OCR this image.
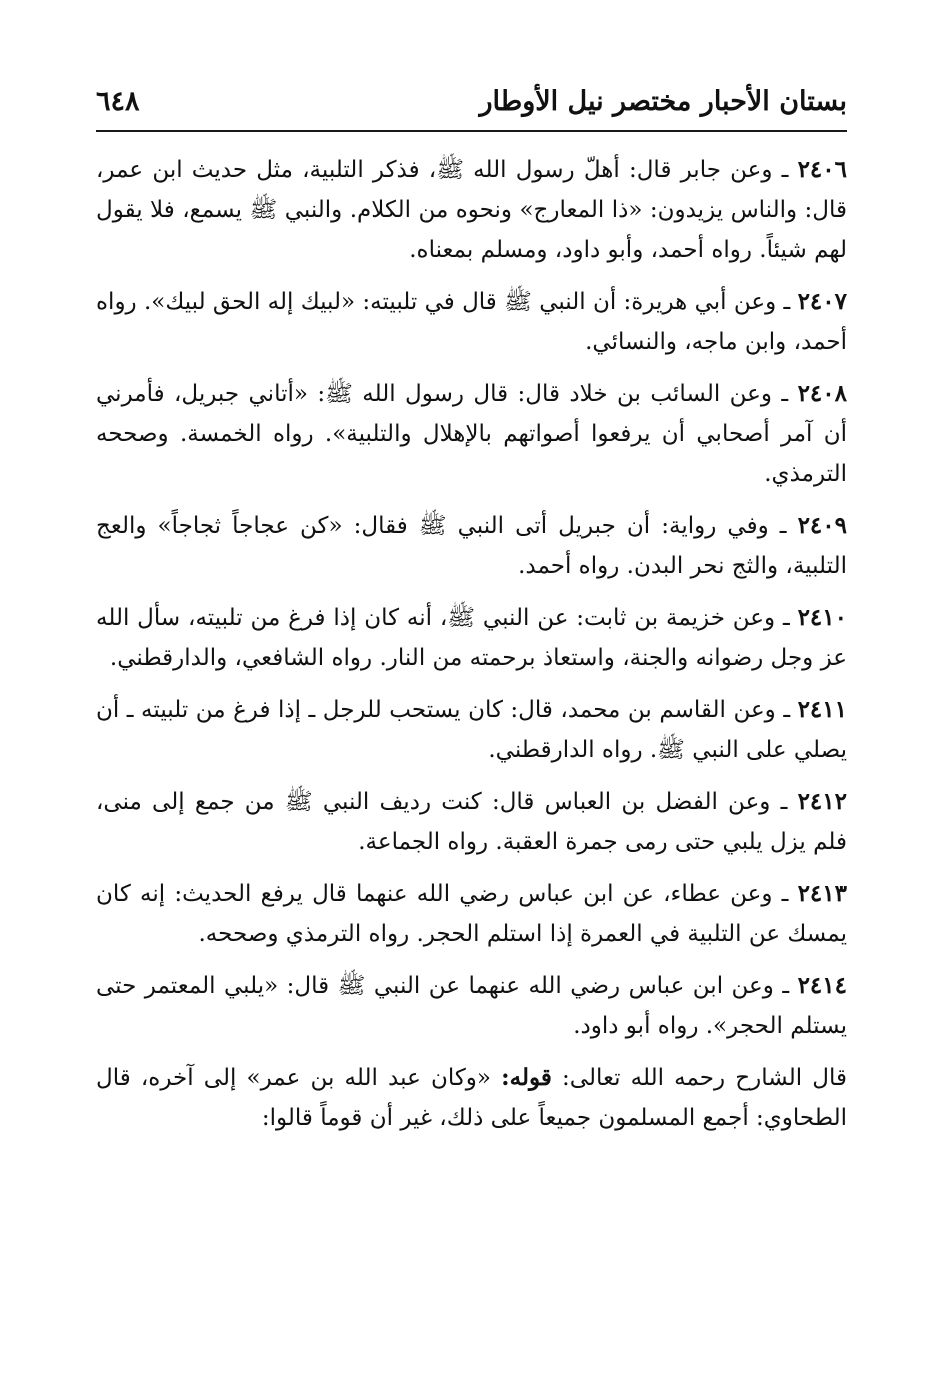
بستان الأحبار مختصر نيل الأوطار
٦٤٨

٢٤٠٦ ـ وعن جابر قال: أهلّ رسول الله ﷺ، فذكر التلبية، مثل حديث ابن عمر، قال: والناس يزيدون: «ذا المعارج» ونحوه من الكلام. والنبي ﷺ يسمع، فلا يقول لهم شيئاً. رواه أحمد، وأبو داود، ومسلم بمعناه.

٢٤٠٧ ـ وعن أبي هريرة: أن النبي ﷺ قال في تلبيته: «لبيك إله الحق لبيك». رواه أحمد، وابن ماجه، والنسائي.

٢٤٠٨ ـ وعن السائب بن خلاد قال: قال رسول الله ﷺ: «أتاني جبريل، فأمرني أن آمر أصحابي أن يرفعوا أصواتهم بالإهلال والتلبية». رواه الخمسة. وصححه الترمذي.

٢٤٠٩ ـ وفي رواية: أن جبريل أتى النبي ﷺ فقال: «كن عجاجاً ثجاجاً» والعج التلبية، والثج نحر البدن. رواه أحمد.

٢٤١٠ ـ وعن خزيمة بن ثابت: عن النبي ﷺ، أنه كان إذا فرغ من تلبيته، سأل الله عز وجل رضوانه والجنة، واستعاذ برحمته من النار. رواه الشافعي، والدارقطني.

٢٤١١ ـ وعن القاسم بن محمد، قال: كان يستحب للرجل ـ إذا فرغ من تلبيته ـ أن يصلي على النبي ﷺ. رواه الدارقطني.

٢٤١٢ ـ وعن الفضل بن العباس قال: كنت رديف النبي ﷺ من جمع إلى منى، فلم يزل يلبي حتى رمى جمرة العقبة. رواه الجماعة.

٢٤١٣ ـ وعن عطاء، عن ابن عباس رضي الله عنهما قال يرفع الحديث: إنه كان يمسك عن التلبية في العمرة إذا استلم الحجر. رواه الترمذي وصححه.

٢٤١٤ ـ وعن ابن عباس رضي الله عنهما عن النبي ﷺ قال: «يلبي المعتمر حتى يستلم الحجر». رواه أبو داود.

قال الشارح رحمه الله تعالى: قوله: «وكان عبد الله بن عمر» إلى آخره، قال الطحاوي: أجمع المسلمون جميعاً على ذلك، غير أن قوماً قالوا:
